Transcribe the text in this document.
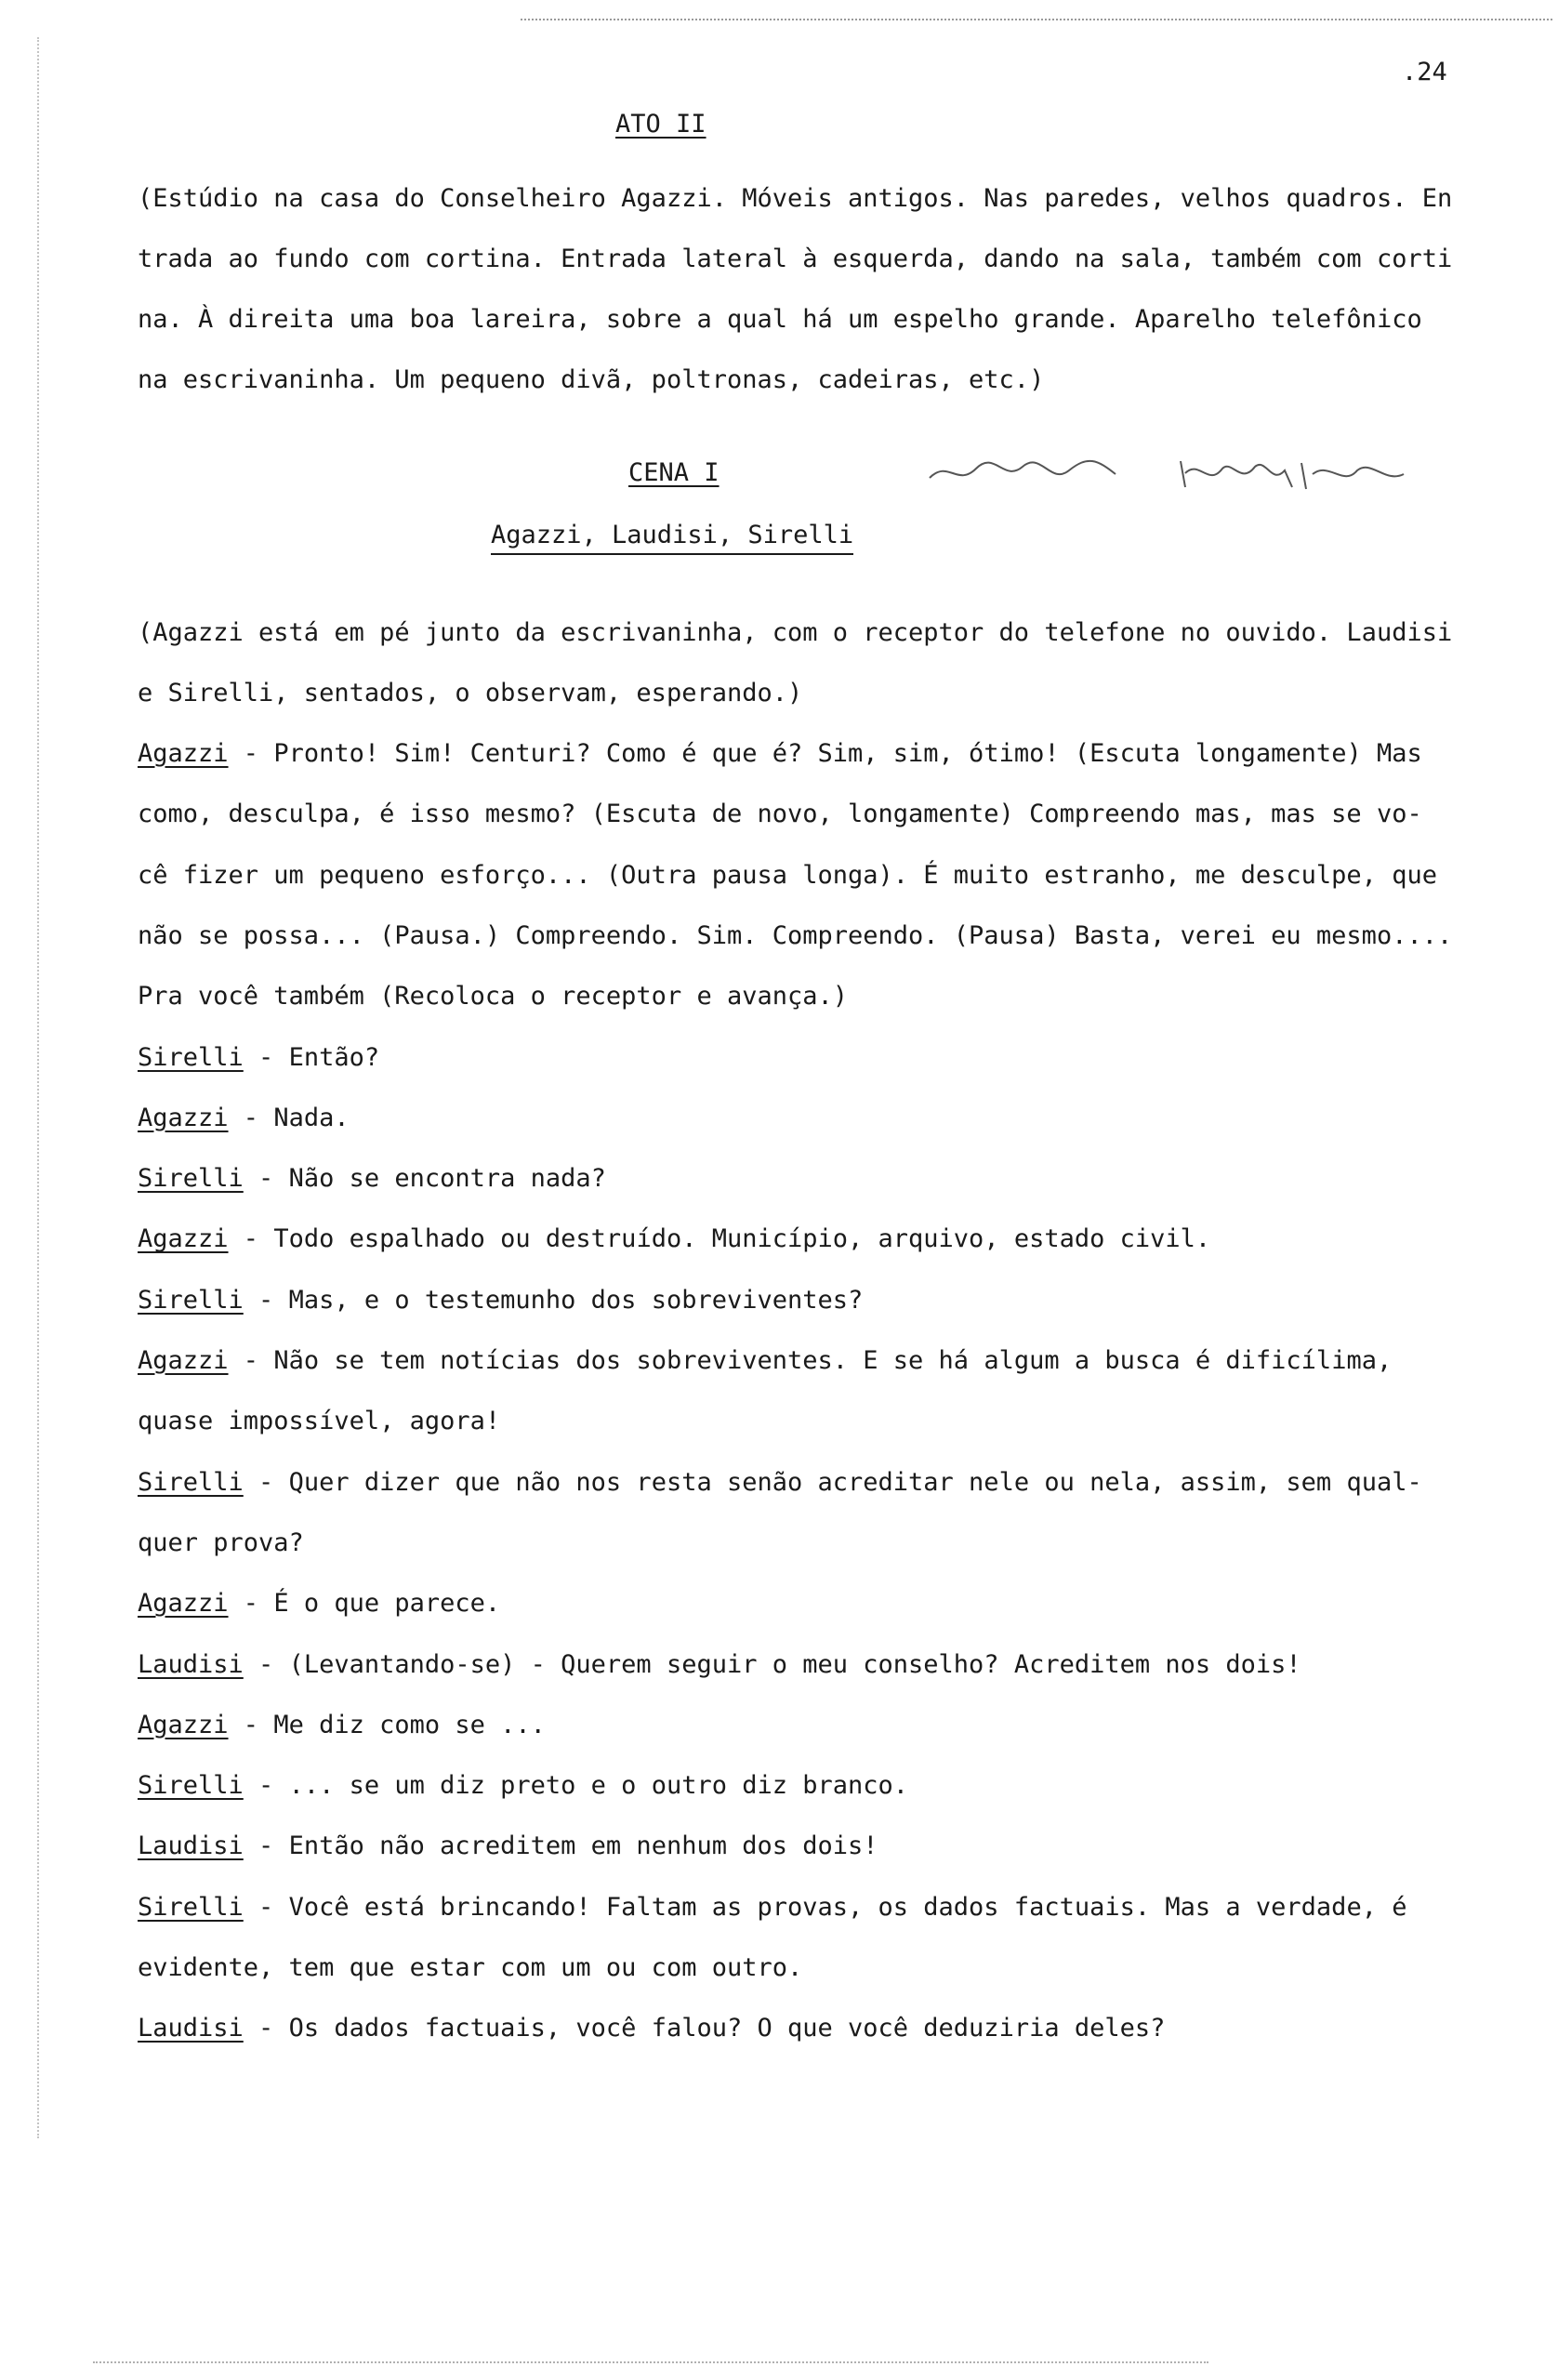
.24
ATO II
(Estúdio na casa do Conselheiro Agazzi. Móveis antigos. Nas paredes, velhos quadros. En
trada ao fundo com cortina. Entrada lateral à esquerda, dando na sala, também com corti
na. À direita uma boa lareira, sobre a qual há um espelho grande. Aparelho telefônico
na escrivaninha. Um pequeno divã, poltronas, cadeiras, etc.)
CENA I
Agazzi, Laudisi, Sirelli
(Agazzi está em pé junto da escrivaninha, com o receptor do telefone no ouvido. Laudisi
e Sirelli, sentados, o observam, esperando.)
Agazzi - Pronto! Sim! Centuri? Como é que é? Sim, sim, ótimo! (Escuta longamente) Mas
como, desculpa, é isso mesmo? (Escuta de novo, longamente) Compreendo mas, mas se vo-
cê fizer um pequeno esforço... (Outra pausa longa). É muito estranho, me desculpe, que
não se possa... (Pausa.) Compreendo. Sim. Compreendo. (Pausa) Basta, verei eu mesmo....
Pra você também (Recoloca o receptor e avança.)
Sirelli - Então?
Agazzi - Nada.
Sirelli - Não se encontra nada?
Agazzi - Todo espalhado ou destruído. Município, arquivo, estado civil.
Sirelli - Mas, e o testemunho dos sobreviventes?
Agazzi - Não se tem notícias dos sobreviventes. E se há algum a busca é dificílima,
quase impossível, agora!
Sirelli - Quer dizer que não nos resta senão acreditar nele ou nela, assim, sem qual-
quer prova?
Agazzi - É o que parece.
Laudisi - (Levantando-se) - Querem seguir o meu conselho? Acreditem nos dois!
Agazzi - Me diz como se ...
Sirelli - ... se um diz preto e o outro diz branco.
Laudisi - Então não acreditem em nenhum dos dois!
Sirelli - Você está brincando! Faltam as provas, os dados factuais. Mas a verdade, é
evidente, tem que estar com um ou com outro.
Laudisi - Os dados factuais, você falou? O que você deduziria deles?
